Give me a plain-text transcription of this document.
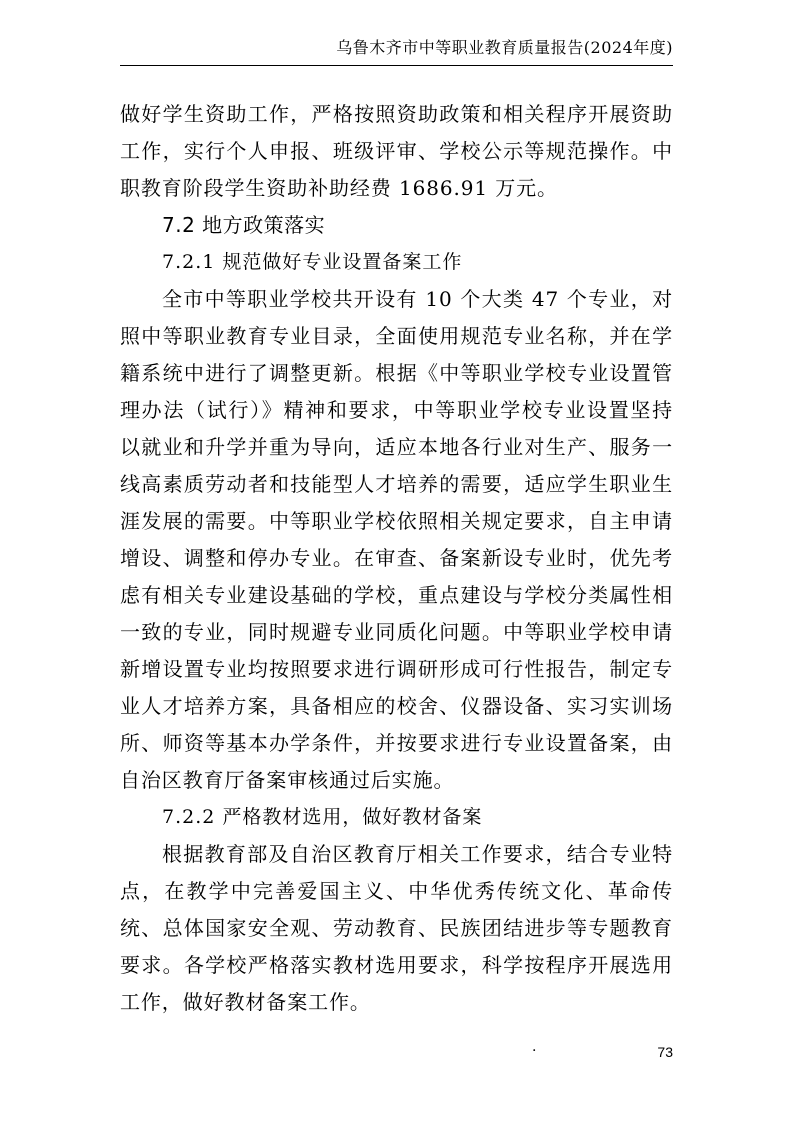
乌鲁木齐市中等职业教育质量报告(2024年度)

做好学生资助工作，严格按照资助政策和相关程序开展资助工作，实行个人申报、班级评审、学校公示等规范操作。中职教育阶段学生资助补助经费 1686.91 万元。

7.2 地方政策落实
7.2.1 规范做好专业设置备案工作

全市中等职业学校共开设有 10 个大类 47 个专业，对照中等职业教育专业目录，全面使用规范专业名称，并在学籍系统中进行了调整更新。根据《中等职业学校专业设置管理办法（试行）》精神和要求，中等职业学校专业设置坚持以就业和升学并重为导向，适应本地各行业对生产、服务一线高素质劳动者和技能型人才培养的需要，适应学生职业生涯发展的需要。中等职业学校依照相关规定要求，自主申请增设、调整和停办专业。在审查、备案新设专业时，优先考虑有相关专业建设基础的学校，重点建设与学校分类属性相一致的专业，同时规避专业同质化问题。中等职业学校申请新增设置专业均按照要求进行调研形成可行性报告，制定专业人才培养方案，具备相应的校舍、仪器设备、实习实训场所、师资等基本办学条件，并按要求进行专业设置备案，由自治区教育厅备案审核通过后实施。

7.2.2 严格教材选用，做好教材备案

根据教育部及自治区教育厅相关工作要求，结合专业特点，在教学中完善爱国主义、中华优秀传统文化、革命传统、总体国家安全观、劳动教育、民族团结进步等专题教育要求。各学校严格落实教材选用要求，科学按程序开展选用工作，做好教材备案工作。

·	73
